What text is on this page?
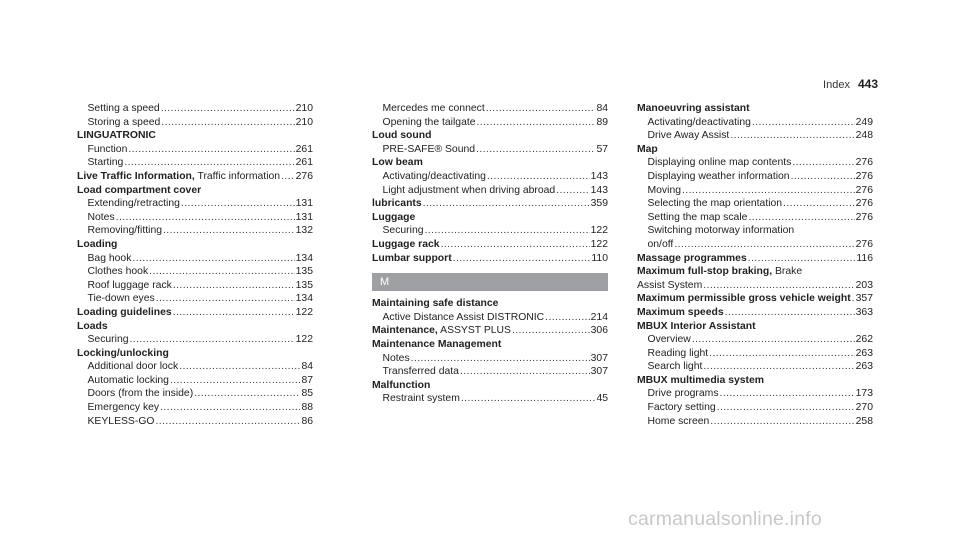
Index 443
Setting a speed .....	210
Storing a speed .....	210
LINGUATRONIC
Function .....	261
Starting .....	261
Live Traffic Information, Traffic information ..... 276
Load compartment cover
Extending/retracting .....	131
Notes .....	131
Removing/fitting .....	132
Loading
Bag hook .....	134
Clothes hook .....	135
Roof luggage rack .....	135
Tie-down eyes .....	134
Loading guidelines .....	122
Loads
Securing .....	122
Locking/unlocking
Additional door lock .....	84
Automatic locking .....	87
Doors (from the inside) .....	85
Emergency key .....	88
KEYLESS-GO .....	86
Mercedes me connect .....	84
Opening the tailgate .....	89
Loud sound
PRE-SAFE® Sound .....	57
Low beam
Activating/deactivating .....	143
Light adjustment when driving abroad .....	143
lubricants .....	359
Luggage
Securing .....	122
Luggage rack .....	122
Lumbar support .....	110
M
Maintaining safe distance
Active Distance Assist DISTRONIC .....	214
Maintenance, ASSYST PLUS .....	306
Maintenance Management
Notes .....	307
Transferred data .....	307
Malfunction
Restraint system .....	45
Manoeuvring assistant
Activating/deactivating .....	249
Drive Away Assist .....	248
Map
Displaying online map contents .....	276
Displaying weather information .....	276
Moving .....	276
Selecting the map orientation .....	276
Setting the map scale .....	276
Switching motorway information
on/off .....	276
Massage programmes .....	116
Maximum full-stop braking, Brake
Assist System .....	203
Maximum permissible gross vehicle weight ..... 357
Maximum speeds .....	363
MBUX Interior Assistant
Overview .....	262
Reading light .....	263
Search light .....	263
MBUX multimedia system
Drive programs .....	173
Factory setting .....	270
Home screen .....	258
carmanualsonline.info
